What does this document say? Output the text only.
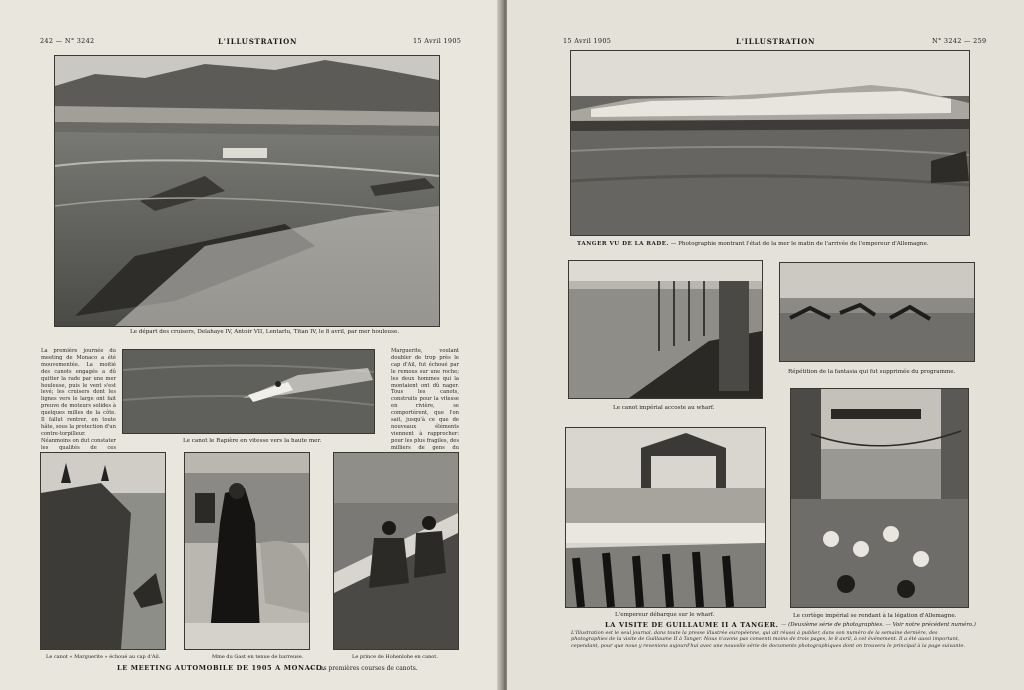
242 — N° 3242	L'ILLUSTRATION	15 Avril 1905
Le départ des cruisers, Delahaye IV, Antoir VII, Lentarlu, Titan IV, le 8 avril, par mer houleuse.
La première journée du meeting de Monaco a été mouvementée. La moitié des canots engagés a dû quitter la rade par une mer houleuse, puis le vent s'est levé; les cruisers dont les lignes vers le large ont fait preuve de moteurs solides à quelques milles de la côte. Il fallut rentrer, en toute hâte, sous la protection d'un contre-torpilleur. Néanmoins on dut constater les qualités de ces
Le canot le Rapière en vitesse vers la haute mer.
Marguerite, voulant doubler de trop près le cap d'Ail, fut échoué par le remous sur une roche; les deux hommes qui la montaient ont dû nager. Tous les canots, construits pour la vitesse en rivière, se comportèrent, que l'on sait, jusqu'à ce que de nouveaux éléments viennent à rapprocher: pour les plus fragiles, des milliers de gens du
Le canot « Marguerite » échoué au cap d'Ail.	Mme du Gast en tenue de barreuse.	Le prince de Hohenlohe en canot.
LE MEETING AUTOMOBILE DE 1905 A MONACO.
— Les premières courses de canots.
15 Avril 1905	L'ILLUSTRATION	N° 3242 — 259
TANGER VU DE LA RADE. — Photographie montrant l'état de la mer le matin de l'arrivée de l'empereur d'Allemagne.
Le canot impérial accoste au wharf.
Répétition de la fantasia qui fut supprimée du programme.
L'empereur débarque sur le wharf.	Le cortège impérial se rendant à la légation d'Allemagne.
LA VISITE DE GUILLAUME II A TANGER. — (Deuxième série de photographies. — Voir notre précédent numéro.)
L'Illustration est le seul journal, dans toute la presse illustrée européenne, qui ait réussi à publier, dans son numéro de la semaine dernière, des photographies de la visite de Guillaume II à Tanger. Nous n'avons pas consenti moins de trois pages, le 8 avril, à cet événement. Il a été aussi important, cependant, pour que nous y revenions aujourd'hui avec une nouvelle série de documents photographiques dont on trouvera le principal à la page suivante.
